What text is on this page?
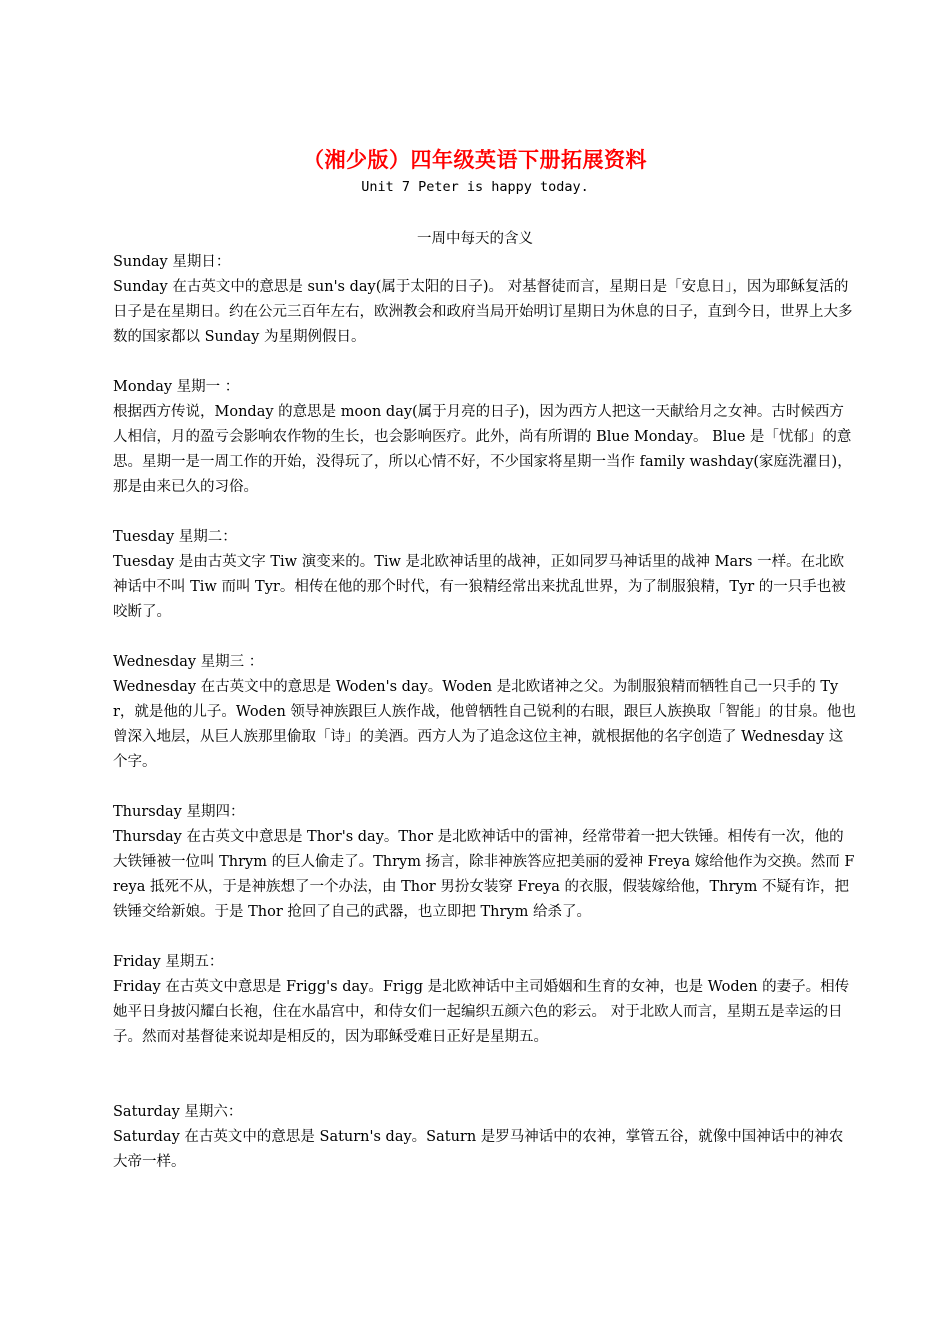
（湘少版）四年级英语下册拓展资料
Unit 7 Peter is happy today.
一周中每天的含义

Sunday 星期日：

Sunday 在古英文中的意思是 sun's day(属于太阳的日子)。 对基督徒而言，星期日是「安息日」，因为耶稣复活的日子是在星期日。约在公元三百年左右，欧洲教会和政府当局开始明订星期日为休息的日子，直到今日，世界上大多数的国家都以 Sunday 为星期例假日。

Monday 星期一 ：

根据西方传说，Monday 的意思是 moon day(属于月亮的日子)，因为西方人把这一天献给月之女神。古时候西方人相信，月的盈亏会影响农作物的生长，也会影响医疗。此外，尚有所谓的 Blue Monday。 Blue 是「忧郁」的意思。星期一是一周工作的开始，没得玩了，所以心情不好，不少国家将星期一当作 family washday(家庭洗濯日)，那是由来已久的习俗。

Tuesday 星期二：

Tuesday 是由古英文字 Tiw 演变来的。Tiw 是北欧神话里的战神，正如同罗马神话里的战神 Mars 一样。在北欧神话中不叫 Tiw 而叫 Tyr。相传在他的那个时代，有一狼精经常出来扰乱世界，为了制服狼精，Tyr 的一只手也被咬断了。

Wednesday 星期三 ：

Wednesday 在古英文中的意思是 Woden's day。Woden 是北欧诸神之父。为制服狼精而牺牲自己一只手的 Tyr，就是他的儿子。Woden 领导神族跟巨人族作战，他曾牺牲自己锐利的右眼，跟巨人族换取「智能」的甘泉。他也曾深入地层，从巨人族那里偷取「诗」的美酒。西方人为了追念这位主神，就根据他的名字创造了 Wednesday 这个字。

Thursday 星期四：

Thursday 在古英文中意思是 Thor's day。Thor 是北欧神话中的雷神，经常带着一把大铁锤。相传有一次，他的大铁锤被一位叫 Thrym 的巨人偷走了。Thrym 扬言，除非神族答应把美丽的爱神 Freya 嫁给他作为交换。然而 Freya 抵死不从，于是神族想了一个办法，由 Thor 男扮女装穿 Freya 的衣服，假装嫁给他，Thrym 不疑有诈，把铁锤交给新娘。于是 Thor 抢回了自己的武器，也立即把 Thrym 给杀了。

Friday 星期五：

Friday 在古英文中意思是 Frigg's day。Frigg 是北欧神话中主司婚姻和生育的女神，也是 Woden 的妻子。相传她平日身披闪耀白长袍，住在水晶宫中，和侍女们一起编织五颜六色的彩云。 对于北欧人而言，星期五是幸运的日子。然而对基督徒来说却是相反的，因为耶稣受难日正好是星期五。

Saturday 星期六：

Saturday 在古英文中的意思是 Saturn's day。Saturn 是罗马神话中的农神，掌管五谷，就像中国神话中的神农大帝一样。
